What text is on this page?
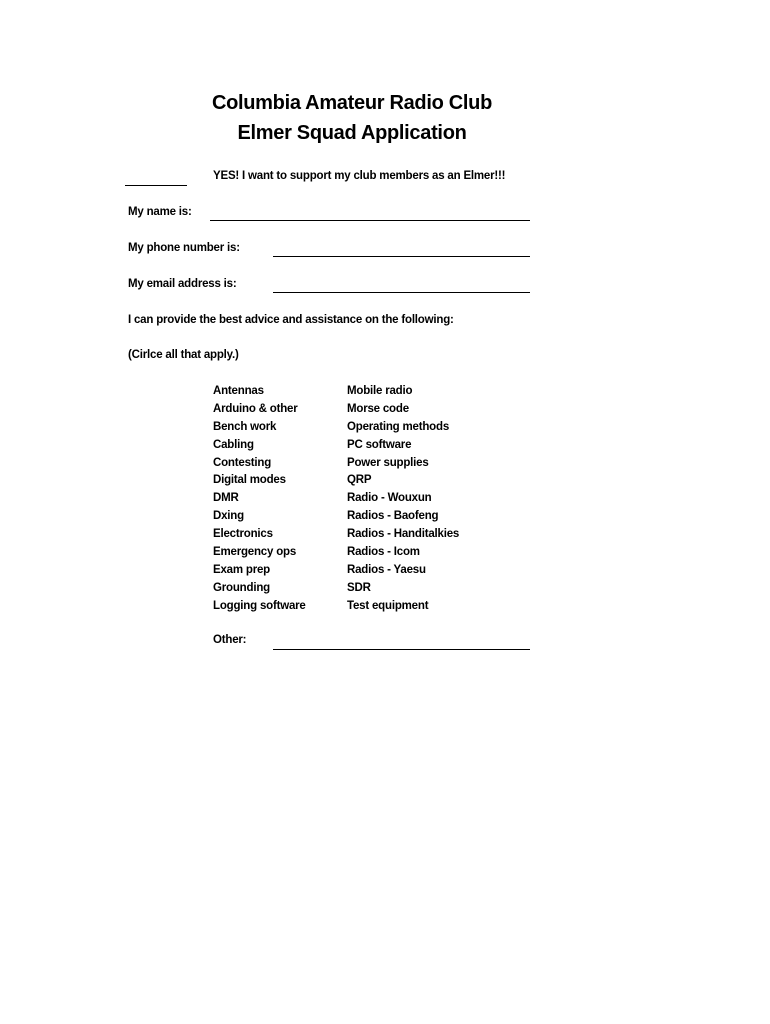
Columbia Amateur Radio Club
Elmer Squad Application
YES! I want to support my club members as an Elmer!!!
My name is:
My phone number is:
My email address is:
I can provide the best advice and assistance on the following:
(Cirlce all that apply.)
Antennas
Arduino & other
Bench work
Cabling
Contesting
Digital modes
DMR
Dxing
Electronics
Emergency ops
Exam prep
Grounding
Logging software
Mobile radio
Morse code
Operating methods
PC software
Power supplies
QRP
Radio - Wouxun
Radios - Baofeng
Radios - Handitalkies
Radios - Icom
Radios - Yaesu
SDR
Test equipment
Other:
